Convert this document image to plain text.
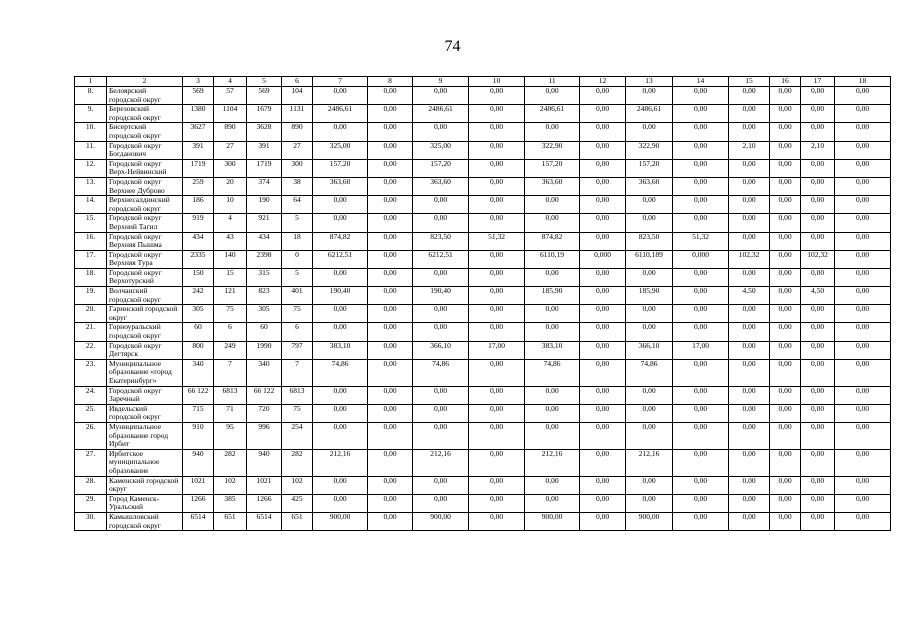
74
1	2	3	4	5	6	7	8	9	10	11	12	13	14	15	16	17	18
8.	Белоярский городской округ	569	57	569	104	0,00	0,00	0,00	0,00	0,00	0,00	0,00	0,00	0,00	0,00	0,00	0,00
9.	Березовский городской округ	1380	1104	1679	1131	2486,61	0,00	2486,61	0,00	2486,61	0,00	2486,61	0,00	0,00	0,00	0,00	0,00
10.	Бисертский городской округ	3627	890	3628	890	0,00	0,00	0,00	0,00	0,00	0,00	0,00	0,00	0,00	0,00	0,00	0,00
11.	Городской округ Богданович	391	27	391	27	325,00	0,00	325,00	0,00	322,90	0,00	322,90	0,00	2,10	0,00	2,10	0,00
12.	Городской округ Верх-Нейвинский	1719	300	1719	300	157,20	0,00	157,20	0,00	157,20	0,00	157,20	0,00	0,00	0,00	0,00	0,00
13.	Городской округ Верхнее Дуброво	259	20	374	38	363,60	0,00	363,60	0,00	363,60	0,00	363,60	0,00	0,00	0,00	0,00	0,00
14.	Верхнесалдинский городской округ	186	10	190	64	0,00	0,00	0,00	0,00	0,00	0,00	0,00	0,00	0,00	0,00	0,00	0,00
15.	Городской округ Верхний Тагил	919	4	921	5	0,00	0,00	0,00	0,00	0,00	0,00	0,00	0,00	0,00	0,00	0,00	0,00
16.	Городской округ Верхняя Пышма	434	43	434	18	874,82	0,00	823,50	51,32	874,82	0,00	823,50	51,32	0,00	0,00	0,00	0,00
17.	Городской округ Верхняя Тура	2335	140	2398	0	6212,51	0,00	6212,51	0,00	6110,19	0,000	6110,189	0,000	102,32	0,00	102,32	0,00
18.	Городской округ Верхотурский	150	15	315	5	0,00	0,00	0,00	0,00	0,00	0,00	0,00	0,00	0,00	0,00	0,00	0,00
19.	Волчанский городской округ	242	121	823	401	190,40	0,00	190,40	0,00	185,90	0,00	185,90	0,00	4,50	0,00	4,50	0,00
20.	Гаринский городской округ	305	75	305	75	0,00	0,00	0,00	0,00	0,00	0,00	0,00	0,00	0,00	0,00	0,00	0,00
21.	Горноуральский городской округ	60	6	60	6	0,00	0,00	0,00	0,00	0,00	0,00	0,00	0,00	0,00	0,00	0,00	0,00
22.	Городской округ Дегтярск	800	249	1990	797	383,10	0,00	366,10	17,00	383,10	0,00	366,10	17,00	0,00	0,00	0,00	0,00
23.	Муниципальное образование «город Екатеринбург»	340	7	340	7	74,86	0,00	74,86	0,00	74,86	0,00	74,86	0,00	0,00	0,00	0,00	0,00
24.	Городской округ Заречный	66 122	6813	66 122	6813	0,00	0,00	0,00	0,00	0,00	0,00	0,00	0,00	0,00	0,00	0,00	0,00
25.	Ивдельский городской округ	715	71	720	75	0,00	0,00	0,00	0,00	0,00	0,00	0,00	0,00	0,00	0,00	0,00	0,00
26.	Муниципальное образование город Ирбит	910	95	996	254	0,00	0,00	0,00	0,00	0,00	0,00	0,00	0,00	0,00	0,00	0,00	0,00
27.	Ирбитское муниципальное образование	940	282	940	282	212,16	0,00	212,16	0,00	212,16	0,00	212,16	0,00	0,00	0,00	0,00	0,00
28.	Каменский городской округ	1021	102	1021	102	0,00	0,00	0,00	0,00	0,00	0,00	0,00	0,00	0,00	0,00	0,00	0,00
29.	Город Каменск-Уральский	1266	385	1266	425	0,00	0,00	0,00	0,00	0,00	0,00	0,00	0,00	0,00	0,00	0,00	0,00
30.	Камышловский городской округ	6514	651	6514	651	900,00	0,00	900,00	0,00	900,00	0,00	900,00	0,00	0,00	0,00	0,00	0,00
